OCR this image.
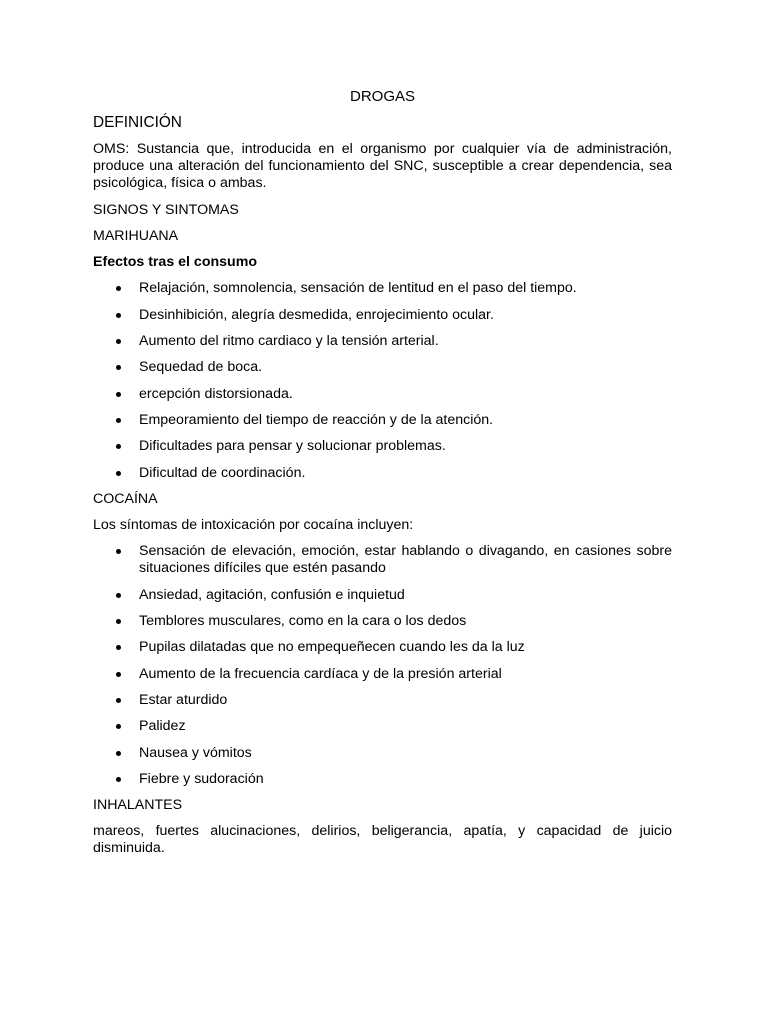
DROGAS
DEFINICIÓN

OMS: Sustancia que, introducida en el organismo por cualquier vía de administración, produce una alteración del funcionamiento del SNC, susceptible a crear dependencia, sea psicológica, física o ambas.

SIGNOS Y SINTOMAS

MARIHUANA

Efectos tras el consumo

Relajación, somnolencia, sensación de lentitud en el paso del tiempo.
Desinhibición, alegría desmedida, enrojecimiento ocular.
Aumento del ritmo cardiaco y la tensión arterial.
Sequedad de boca.
ercepción distorsionada.
Empeoramiento del tiempo de reacción y de la atención.
Dificultades para pensar y solucionar problemas.
Dificultad de coordinación.

COCAÍNA

Los síntomas de intoxicación por cocaína incluyen:

Sensación de elevación, emoción, estar hablando o divagando, en casiones sobre situaciones difíciles que estén pasando
Ansiedad, agitación, confusión e inquietud
Temblores musculares, como en la cara o los dedos
Pupilas dilatadas que no empequeñecen cuando les da la luz
Aumento de la frecuencia cardíaca y de la presión arterial
Estar aturdido
Palidez
Nausea y vómitos
Fiebre y sudoración

INHALANTES

mareos, fuertes alucinaciones, delirios, beligerancia, apatía, y capacidad de juicio disminuida.
